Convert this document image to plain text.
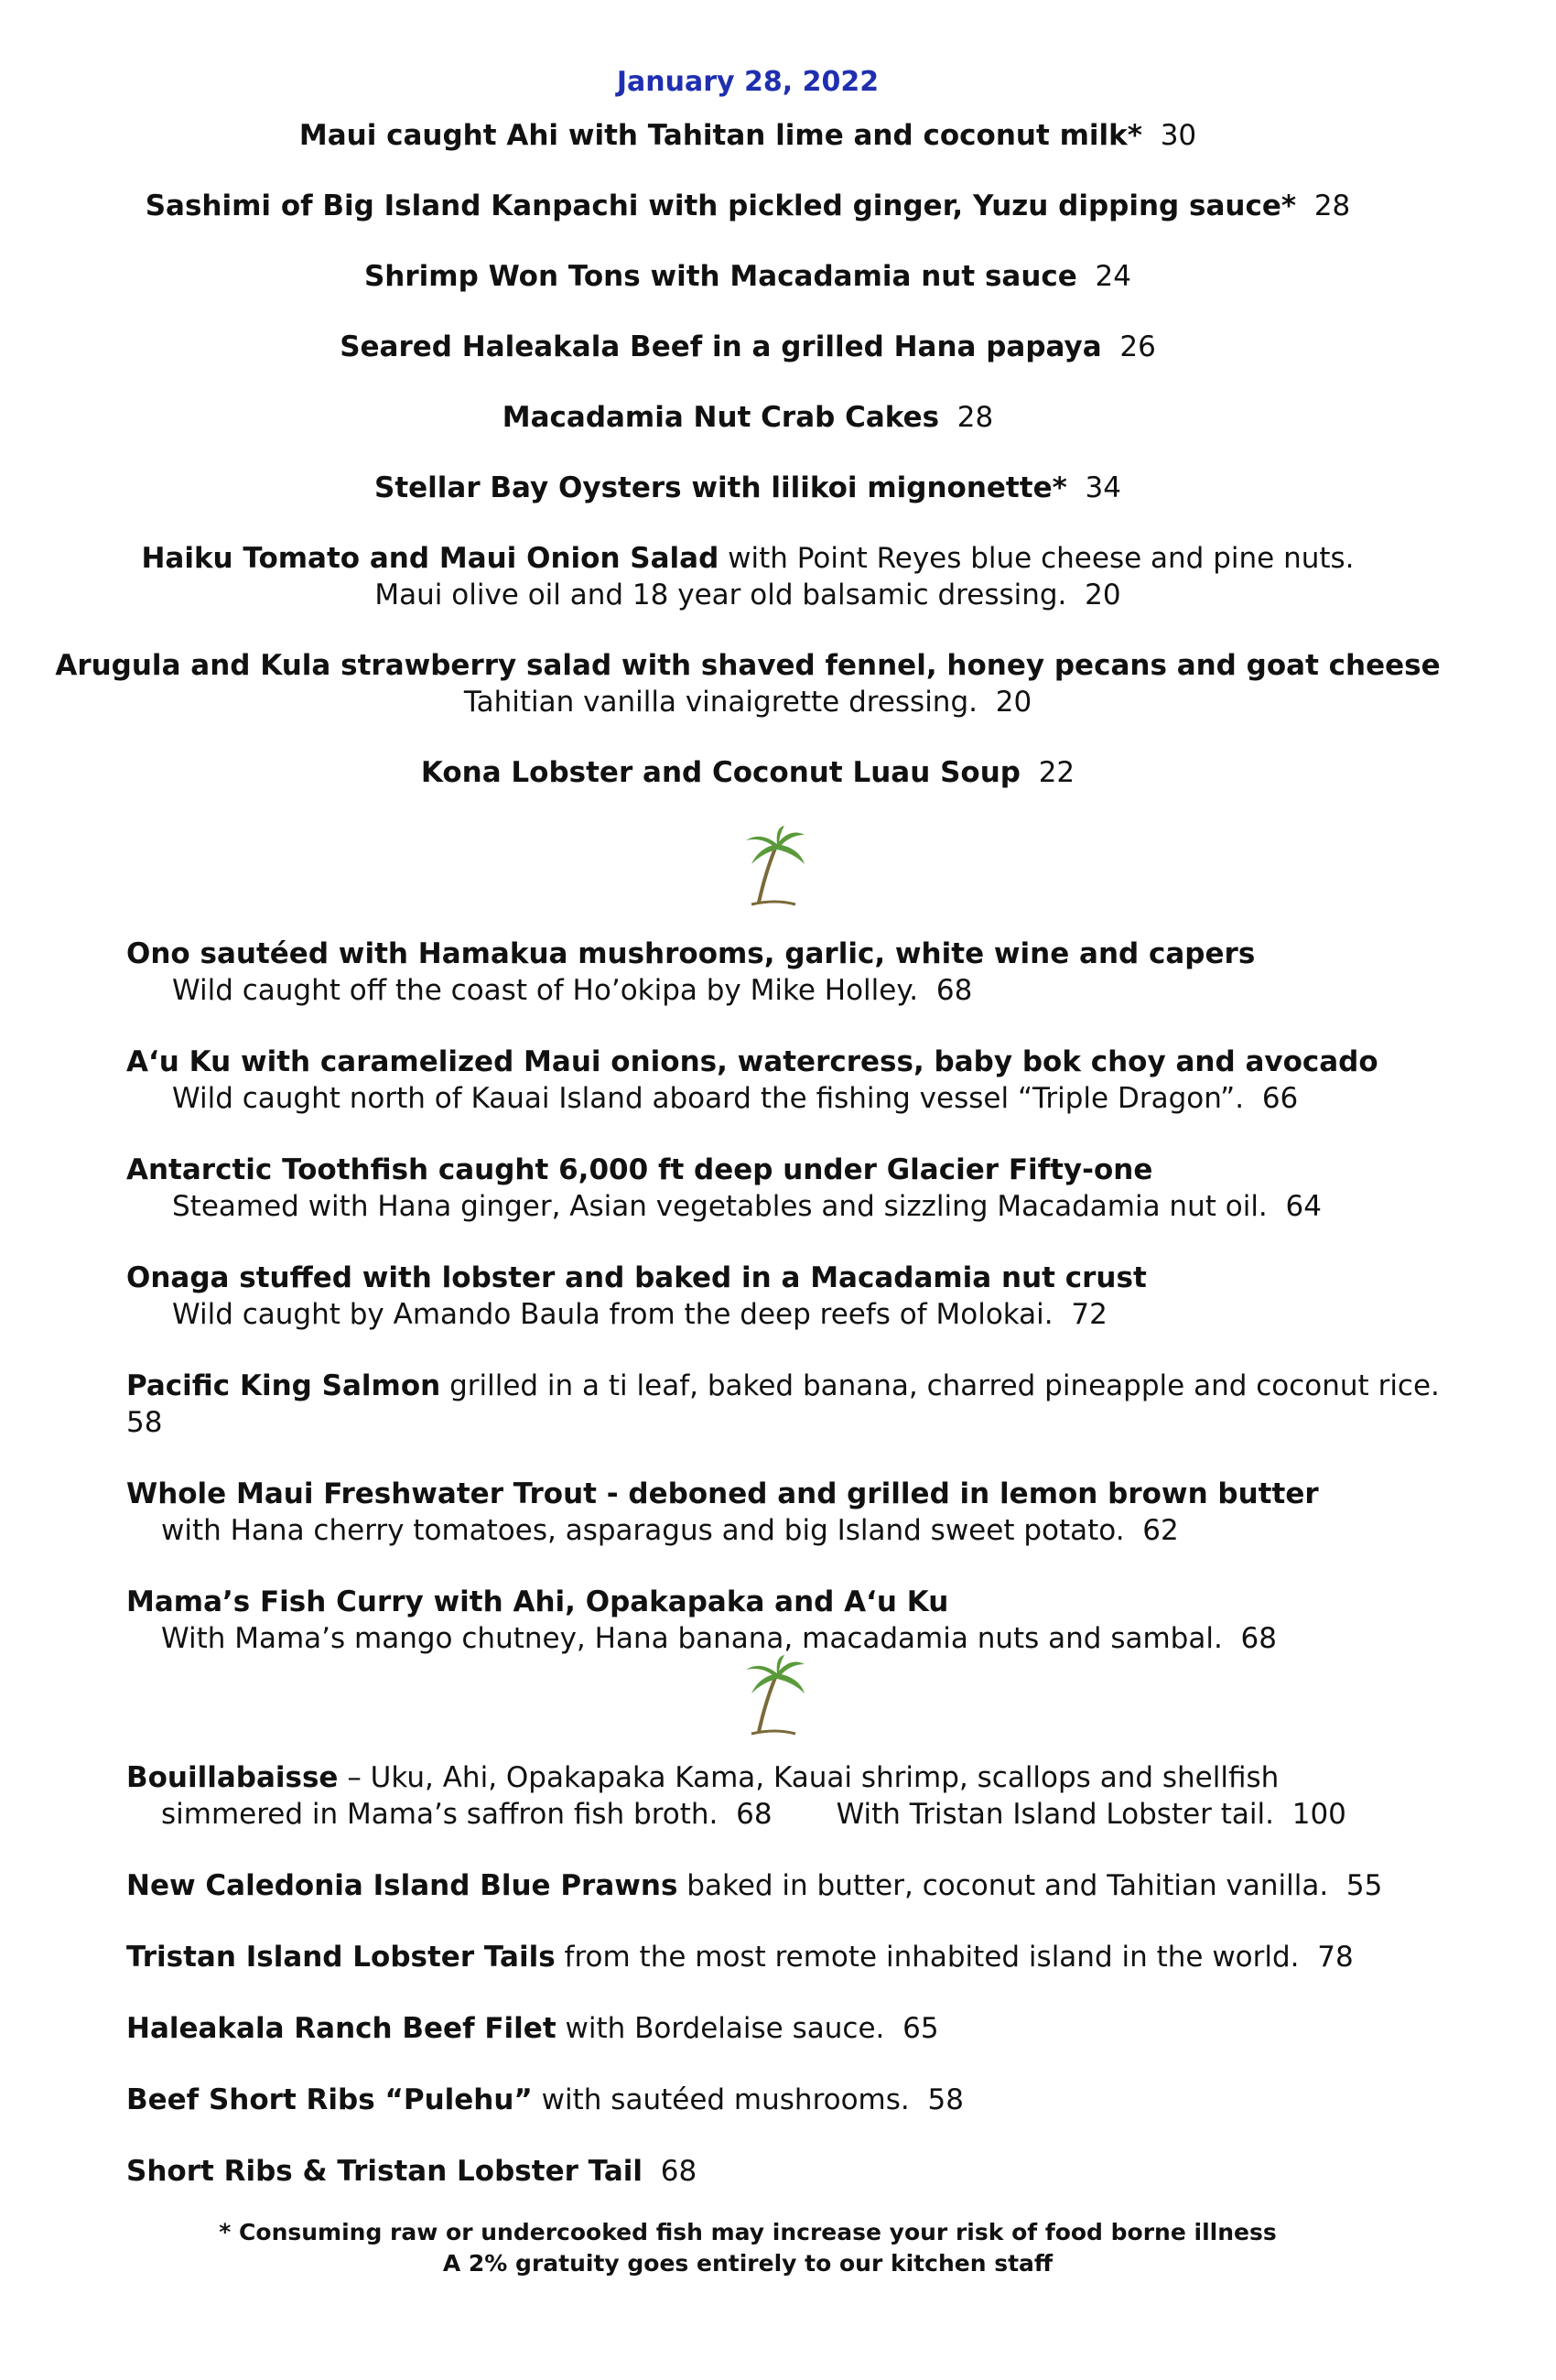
January 28, 2022
Maui caught Ahi with Tahitan lime and coconut milk* 30
Sashimi of Big Island Kanpachi with pickled ginger, Yuzu dipping sauce* 28
Shrimp Won Tons with Macadamia nut sauce 24
Seared Haleakala Beef in a grilled Hana papaya 26
Macadamia Nut Crab Cakes 28
Stellar Bay Oysters with lilikoi mignonette* 34
Haiku Tomato and Maui Onion Salad with Point Reyes blue cheese and pine nuts.
Maui olive oil and 18 year old balsamic dressing. 20
Arugula and Kula strawberry salad with shaved fennel, honey pecans and goat cheese
Tahitian vanilla vinaigrette dressing. 20
Kona Lobster and Coconut Luau Soup 22
Ono sautéed with Hamakua mushrooms, garlic, white wine and capers
Wild caught off the coast of Ho’okipa by Mike Holley. 68
A‘u Ku with caramelized Maui onions, watercress, baby bok choy and avocado
Wild caught north of Kauai Island aboard the fishing vessel “Triple Dragon”. 66
Antarctic Toothfish caught 6,000 ft deep under Glacier Fifty-one
Steamed with Hana ginger, Asian vegetables and sizzling Macadamia nut oil. 64
Onaga stuffed with lobster and baked in a Macadamia nut crust
Wild caught by Amando Baula from the deep reefs of Molokai. 72
Pacific King Salmon grilled in a ti leaf, baked banana, charred pineapple and coconut rice.  58
Whole Maui Freshwater Trout - deboned and grilled in lemon brown butter
with Hana cherry tomatoes, asparagus and big Island sweet potato. 62
Mama’s Fish Curry with Ahi, Opakapaka and A‘u Ku
With Mama’s mango chutney, Hana banana, macadamia nuts and sambal. 68
Bouillabaisse – Uku, Ahi, Opakapaka Kama, Kauai shrimp, scallops and shellfish
simmered in Mama’s saffron fish broth. 68 With Tristan Island Lobster tail. 100
New Caledonia Island Blue Prawns baked in butter, coconut and Tahitian vanilla. 55
Tristan Island Lobster Tails from the most remote inhabited island in the world. 78
Haleakala Ranch Beef Filet with Bordelaise sauce. 65
Beef Short Ribs “Pulehu” with sautéed mushrooms. 58
Short Ribs & Tristan Lobster Tail 68
* Consuming raw or undercooked fish may increase your risk of food borne illness
A 2% gratuity goes entirely to our kitchen staff
